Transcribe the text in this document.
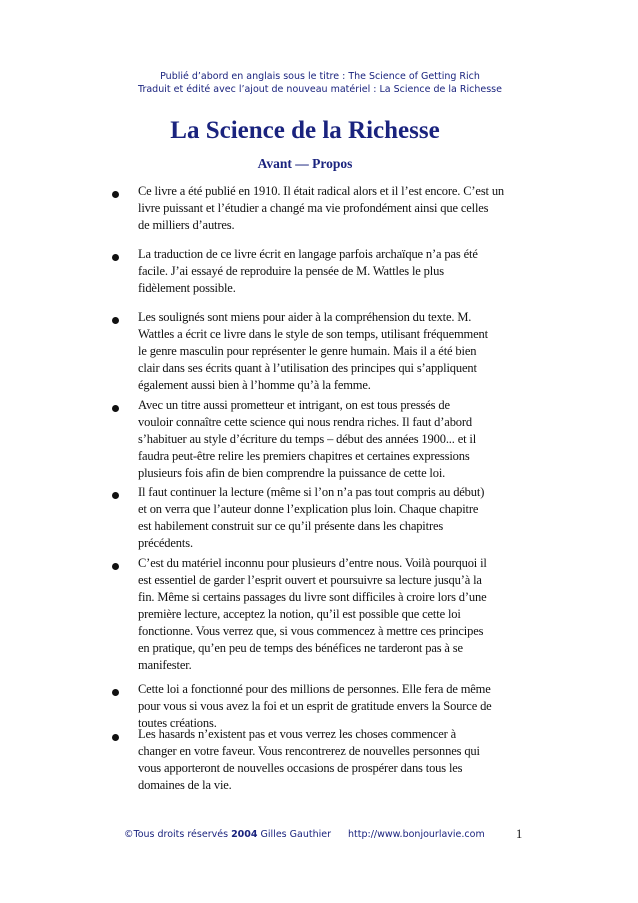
Publié d’abord en anglais sous le titre : The Science of Getting Rich
Traduit et édité avec l’ajout de nouveau matériel : La Science de la Richesse
La Science de la Richesse
Avant — Propos
Ce livre a été publié en 1910. Il était radical alors et il l’est encore. C’est un
livre puissant et l’étudier a changé ma vie profondément ainsi que celles
de milliers d’autres.
La traduction de ce livre écrit en langage parfois archaïque n’a pas été
facile. J’ai essayé de reproduire la pensée de M. Wattles le plus
fidèlement possible.
Les soulignés sont miens pour aider à la compréhension du texte. M.
Wattles a écrit ce livre dans le style de son temps, utilisant fréquemment
le genre masculin pour représenter le genre humain. Mais il a été bien
clair dans ses écrits quant à l’utilisation des principes qui s’appliquent
également aussi bien à l’homme qu’à la femme.
Avec un titre aussi prometteur et intrigant, on est tous pressés de
vouloir connaître cette science qui nous rendra riches. Il faut d’abord
s’habituer au style d’écriture du temps – début des années 1900... et il
faudra peut-être relire les premiers chapitres et certaines expressions
plusieurs fois afin de bien comprendre la puissance de cette loi.
Il faut continuer la lecture (même si l’on n’a pas tout compris au début)
et on verra que l’auteur donne l’explication plus loin. Chaque chapitre
est habilement construit sur ce qu’il présente dans les chapitres
précédents.
C’est du matériel inconnu pour plusieurs d’entre nous. Voilà pourquoi il
est essentiel de garder l’esprit ouvert et poursuivre sa lecture jusqu’à la
fin. Même si certains passages du livre sont difficiles à croire lors d’une
première lecture, acceptez la notion, qu’il est possible que cette loi
fonctionne. Vous verrez que, si vous commencez à mettre ces principes
en pratique, qu’en peu de temps des bénéfices ne tarderont pas à se
manifester.
Cette loi a fonctionné pour des millions de personnes. Elle fera de même
pour vous si vous avez la foi et un esprit de gratitude envers la Source de
toutes créations.
Les hasards n’existent pas et vous verrez les choses commencer à
changer en votre faveur. Vous rencontrerez de nouvelles personnes qui
vous apporteront de nouvelles occasions de prospérer dans tous les
domaines de la vie.
©Tous droits réservés 2004 Gilles Gauthier http://www.bonjourlavie.com	1
